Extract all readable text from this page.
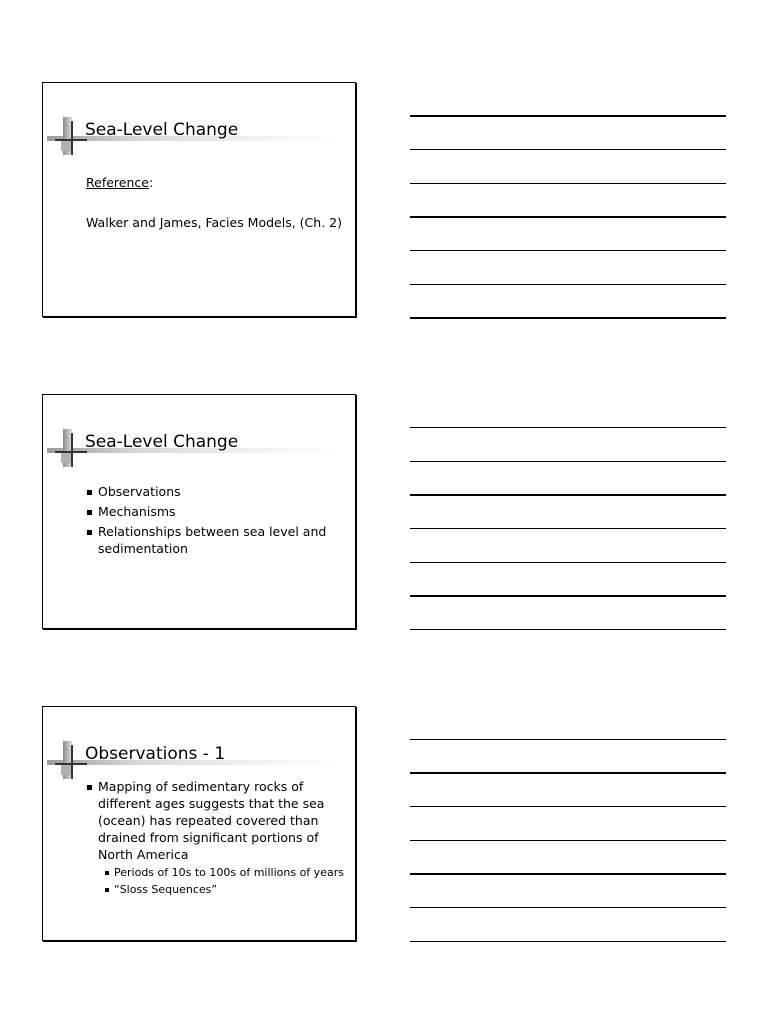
Sea-Level Change
Reference:
Walker and James, Facies Models, (Ch. 2)
Sea-Level Change
Observations
Mechanisms
Relationships between sea level and sedimentation
Observations - 1
Mapping of sedimentary rocks of different ages suggests that the sea (ocean) has repeated covered than drained from significant portions of North America
Periods of 10s to 100s of millions of years
“Sloss Sequences”
